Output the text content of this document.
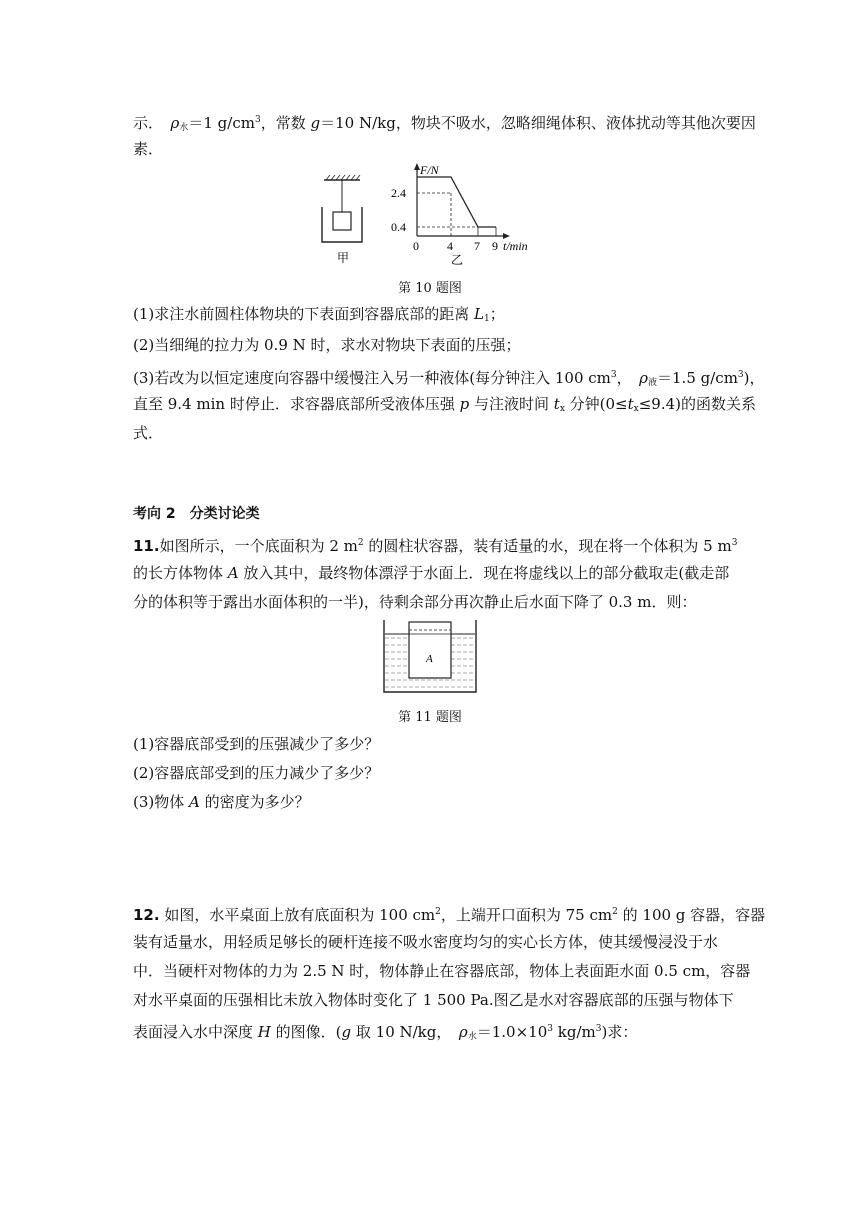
示．　 $\rho_水=1$ $g/cm^3$，常数 g＝10 N/kg，物块不吸水，忽略细绳体积、液体扰动等其他次要因
素．
甲
F/N
2.4
0.4
0 4 7 9 t/min
乙
第 10 题图
(1)求注水前圆柱体物块的下表面到容器底部的距离 $L_1$；
(2)当细绳的拉力为 0.9 N 时，求水对物块下表面的压强；
(3)若改为以恒定速度向容器中缓慢注入另一种液体(每分钟注入 100 $cm^3$，　 $\rho_液=1.5$ $g/cm^3$)，
直至 9.4 min 时停止．求容器底部所受液体压强 p 与注液时间 $t_x$ 分钟$(0\le t_x\le 9.4)$的函数关系
式．
考向 2　分类讨论类
11.如图所示，一个底面积为 2 $m^2$ 的圆柱状容器，装有适量的水，现在将一个体积为 5 $m^3$
的长方体物体 A 放入其中，最终物体漂浮于水面上．现在将虚线以上的部分截取走(截走部
分的体积等于露出水面体积的一半)，待剩余部分再次静止后水面下降了 0.3 m．则：
A
第 11 题图
(1)容器底部受到的压强减少了多少？
(2)容器底部受到的压力减少了多少？
(3)物体 A 的密度为多少？
12. 如图，水平桌面上放有底面积为 100 $cm^2$，上端开口面积为 75 $cm^2$ 的 100 g 容器，容器
装有适量水，用轻质足够长的硬杆连接不吸水密度均匀的实心长方体，使其缓慢浸没于水
中．当硬杆对物体的力为 2.5 N 时，物体静止在容器底部，物体上表面距水面 0.5 cm，容器
对水平桌面的压强相比未放入物体时变化了 1 500 Pa.图乙是水对容器底部的压强与物体下
表面浸入水中深度 H 的图像．(g 取 10 N/kg，　 $\rho_水=1.0\times 10^3$ $kg/m^3$)求：
